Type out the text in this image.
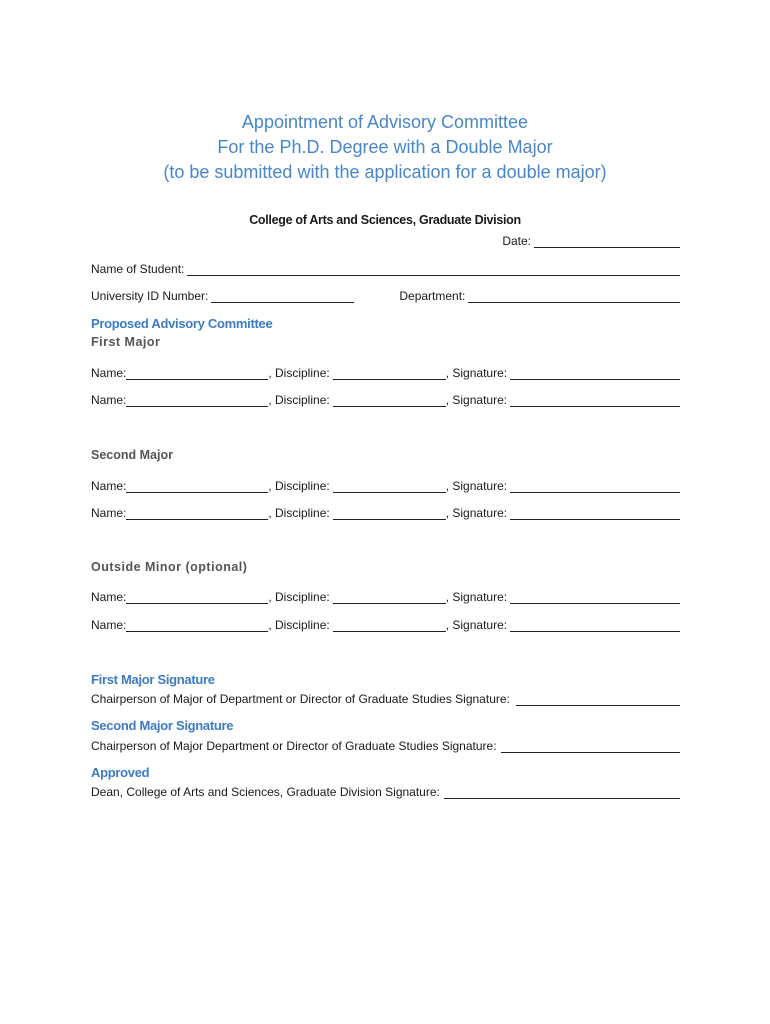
Appointment of Advisory Committee
For the Ph.D. Degree with a Double Major
(to be submitted with the application for a double major)
College of Arts and Sciences, Graduate Division
Date:
Name of Student:
University ID Number:	Department:
Proposed Advisory Committee
First Major
Name:	, Discipline:	, Signature:
Name:	, Discipline:	, Signature:
Second Major
Name:	, Discipline:	, Signature:
Name:	, Discipline:	, Signature:
Outside Minor (optional)
Name:	, Discipline:	, Signature:
Name:	, Discipline:	, Signature:
First Major Signature
Chairperson of Major of Department or Director of Graduate Studies Signature:
Second Major Signature
Chairperson of Major Department or Director of Graduate Studies Signature:
Approved
Dean, College of Arts and Sciences, Graduate Division Signature:
